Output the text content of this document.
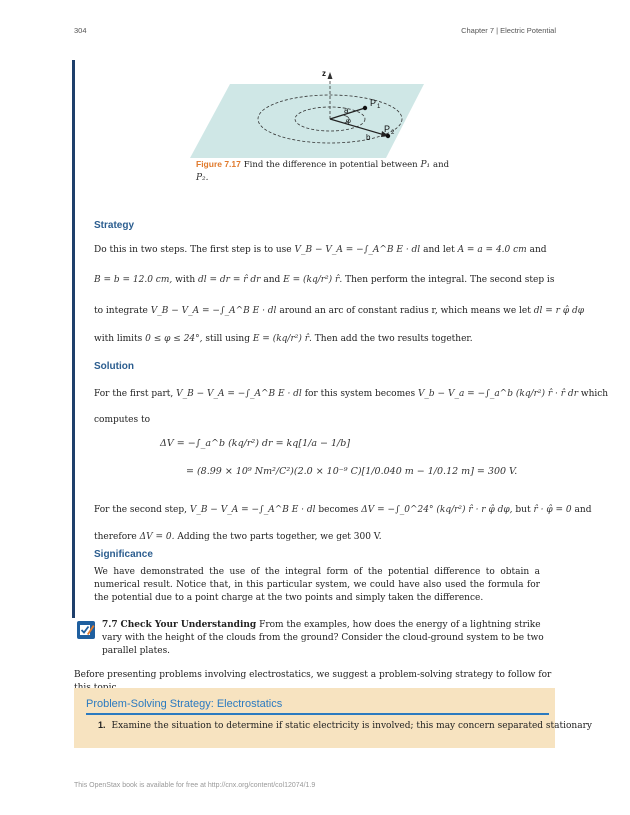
304	Chapter 7 | Electric Potential
z
a
b
φ
P 1
P 2
Figure 7.17 Find the difference in potential between P₁ and
P₂.
Strategy
Do this in two steps. The first step is to use V_B − V_A = −∫_A^B E · dl and let A = a = 4.0 cm and
B = b = 12.0 cm, with dl = dr = r̂ dr and E = (kq/r²) r̂. Then perform the integral. The second step is
to integrate V_B − V_A = −∫_A^B E · dl around an arc of constant radius r, which means we let dl = r φ̂ dφ
with limits 0 ≤ φ ≤ 24°, still using E = (kq/r²) r̂. Then add the two results together.
Solution
For the first part, V_B − V_A = −∫_A^B E · dl for this system becomes V_b − V_a = −∫_a^b (kq/r²) r̂ · r̂ dr which
computes to
ΔV = −∫_a^b (kq/r²) dr = kq[1/a − 1/b]
= (8.99 × 10⁹ Nm²/C²)(2.0 × 10⁻⁹ C)[1/0.040 m − 1/0.12 m] = 300 V.
For the second step, V_B − V_A = −∫_A^B E · dl becomes ΔV = −∫_0^24° (kq/r²) r̂ · r φ̂ dφ, but r̂ · φ̂ = 0 and
therefore ΔV = 0. Adding the two parts together, we get 300 V.
Significance
We have demonstrated the use of the integral form of the potential difference to obtain a numerical result. Notice that, in this particular system, we could have also used the formula for the potential due to a point charge at the two points and simply taken the difference.
7.7 Check Your Understanding From the examples, how does the energy of a lightning strike vary with the height of the clouds from the ground? Consider the cloud-ground system to be two parallel plates.
Before presenting problems involving electrostatics, we suggest a problem-solving strategy to follow for
Problem-Solving Strategy: Electrostatics
1. Examine the situation to determine if static electricity is involved; this may concern separated stationary
This OpenStax book is available for free at http://cnx.org/content/col12074/1.9
